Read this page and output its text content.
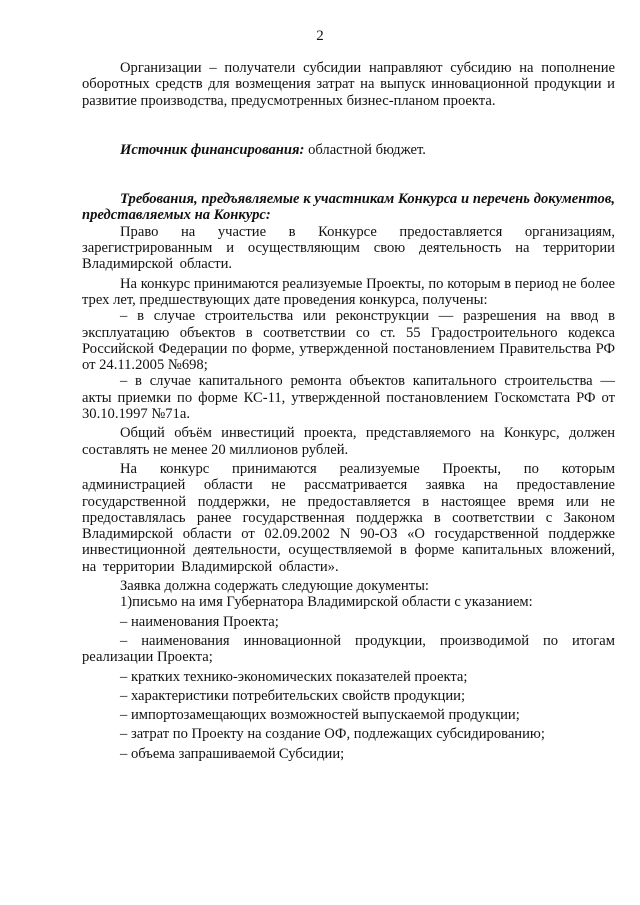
2

Организации – получатели субсидии направляют субсидию на пополнение оборотных средств для возмещения затрат на выпуск инновационной продукции и развитие производства, предусмотренных бизнес-планом проекта.

Источник финансирования: областной бюджет.

Требования, предъявляемые к участникам Конкурса и перечень документов, представляемых на Конкурс:

Право на участие в Конкурсе предоставляется организациям, зарегистрированным и осуществляющим свою деятельность на территории Владимирской области.

На конкурс принимаются реализуемые Проекты, по которым в период не более трех лет, предшествующих дате проведения конкурса, получены:

– в случае строительства или реконструкции — разрешения на ввод в эксплуатацию объектов в соответствии со ст. 55 Градостроительного кодекса Российской Федерации по форме, утвержденной постановлением Правительства РФ от 24.11.2005 №698;

– в случае капитального ремонта объектов капитального строительства — акты приемки по форме КС-11, утвержденной постановлением Госкомстата РФ от 30.10.1997 №71а.

Общий объём инвестиций проекта, представляемого на Конкурс, должен составлять не менее 20 миллионов рублей.

На конкурс принимаются реализуемые Проекты, по которым администрацией области не рассматривается заявка на предоставление государственной поддержки, не предоставляется в настоящее время или не предоставлялась ранее государственная поддержка в соответствии с Законом Владимирской области от 02.09.2002 N 90-ОЗ «О государственной поддержке инвестиционной деятельности, осуществляемой в форме капитальных вложений, на территории Владимирской области».

Заявка должна содержать следующие документы:

1)письмо на имя Губернатора Владимирской области с указанием:

– наименования Проекта;

– наименования инновационной продукции, производимой по итогам реализации Проекта;

– кратких технико-экономических показателей проекта;

– характеристики потребительских свойств продукции;

– импортозамещающих возможностей выпускаемой продукции;

– затрат по Проекту на создание ОФ, подлежащих субсидированию;

– объема запрашиваемой Субсидии;
